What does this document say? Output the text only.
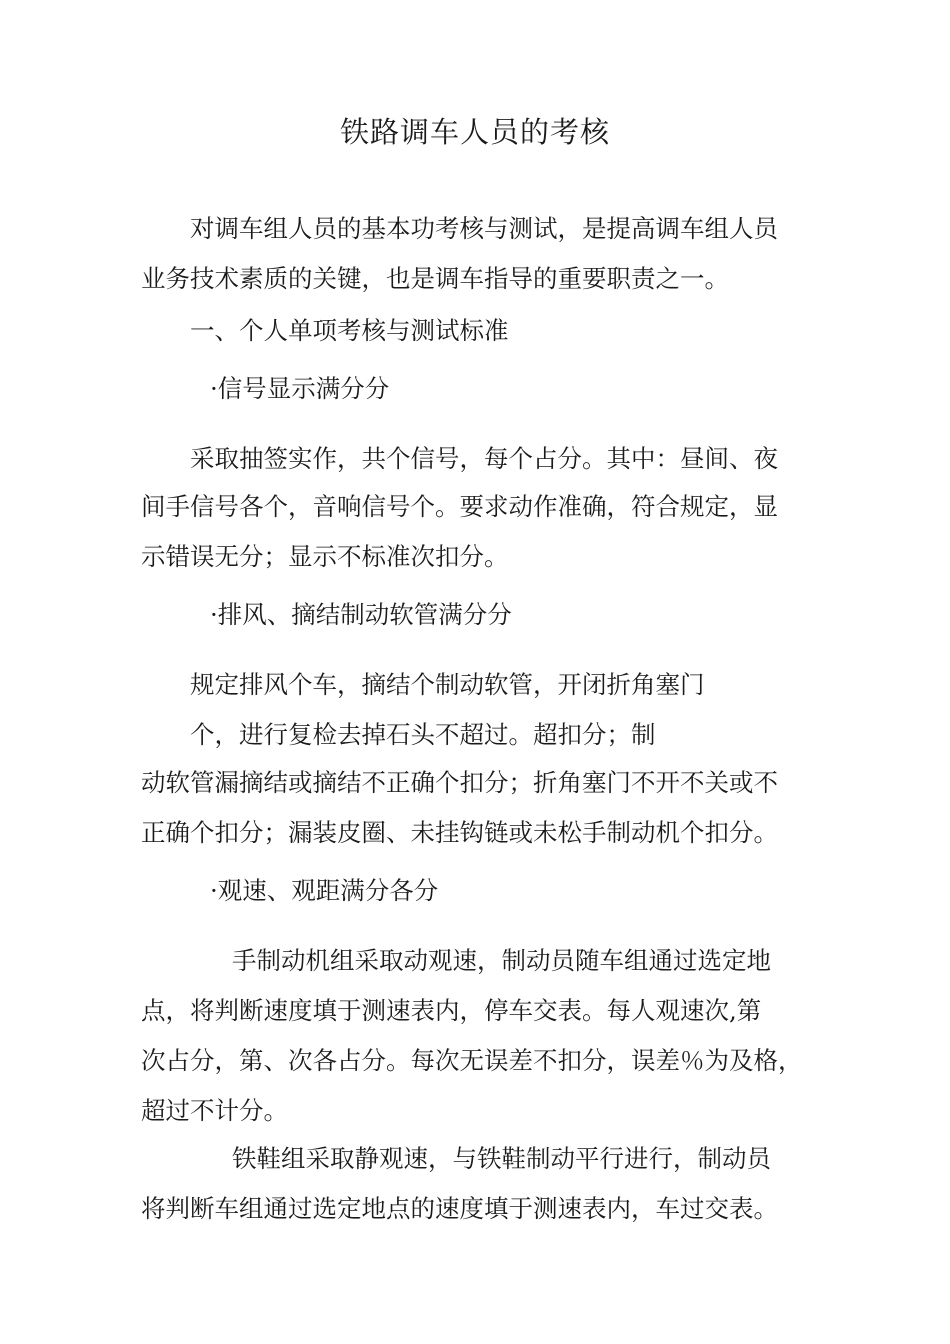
铁路调车人员的考核
对调车组人员的基本功考核与测试，是提高调车组人员
业务技术素质的关键，也是调车指导的重要职责之一。
一、个人单项考核与测试标准
·信号显示满分分
采取抽签实作，共个信号，每个占分。其中：昼间、夜
间手信号各个，音响信号个。要求动作准确，符合规定，显
示错误无分；显示不标准次扣分。
·排风、摘结制动软管满分分
规定排风个车，摘结个制动软管，开闭折角塞门
个，进行复检去掉石头不超过。超扣分；制
动软管漏摘结或摘结不正确个扣分；折角塞门不开不关或不
正确个扣分；漏装皮圈、未挂钩链或未松手制动机个扣分。
·观速、观距满分各分
手制动机组采取动观速，制动员随车组通过选定地
点，将判断速度填于测速表内，停车交表。每人观速次,第
次占分，第、次各占分。每次无误差不扣分，误差％为及格，
超过不计分。
铁鞋组采取静观速，与铁鞋制动平行进行，制动员
将判断车组通过选定地点的速度填于测速表内，车过交表。
